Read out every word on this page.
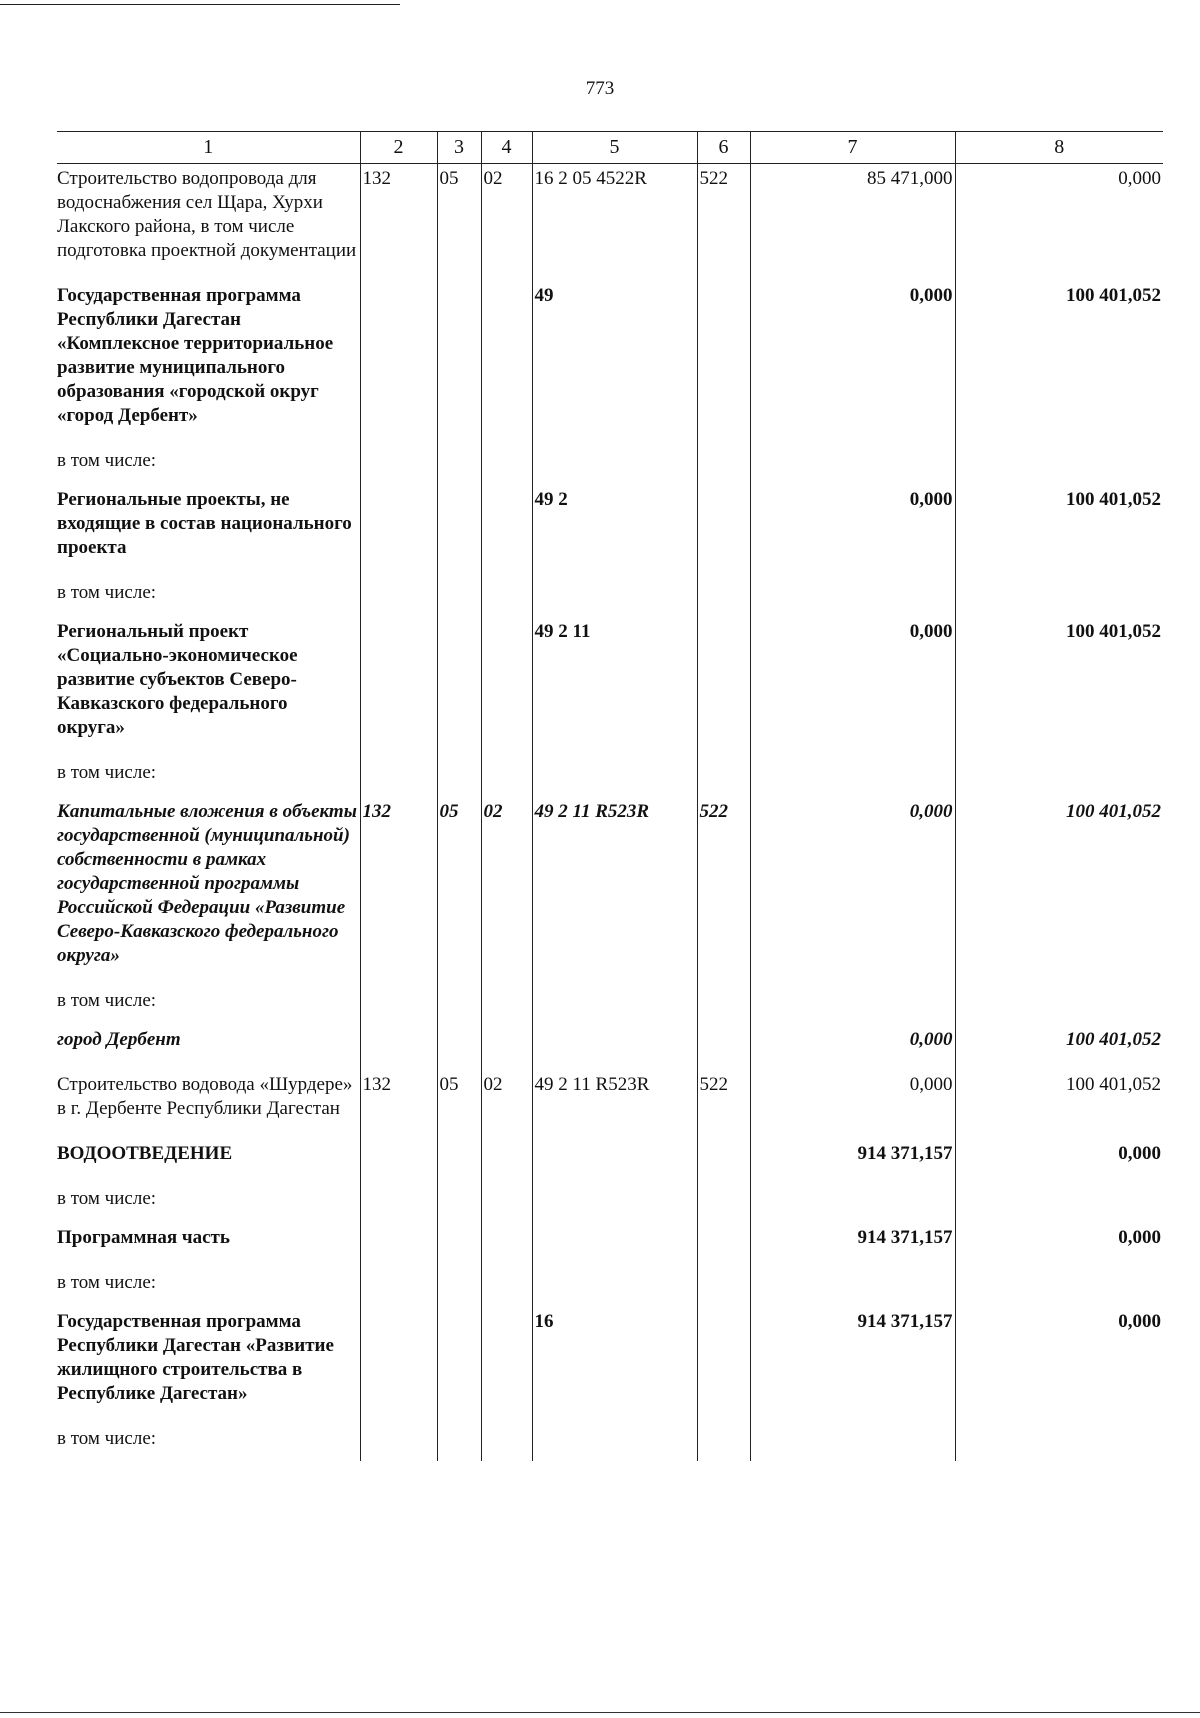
773
1	2	3	4	5	6	7	8
Строительство водопровода для водоснабжения сел Щара, Хурхи Лакского района, в том числе подготовка проектной документации	132	05	02	16 2 05 4522R	522	85 471,000	0,000
Государственная программа Республики Дагестан «Комплексное территориальное развитие муниципального образования «городской округ «город Дербент»				49		0,000	100 401,052
в том числе:							
Региональные проекты, не входящие в состав национального проекта				49 2		0,000	100 401,052
в том числе:							
Региональный проект «Социально-экономическое развитие субъектов Северо-Кавказского федерального округа»				49 2 11		0,000	100 401,052
в том числе:							
Капитальные вложения в объекты государственной (муниципальной) собственности в рамках государственной программы Российской Федерации «Развитие Северо-Кавказского федерального округа»	132	05	02	49 2 11 R523R	522	0,000	100 401,052
в том числе:							
город Дербент						0,000	100 401,052
Строительство водовода «Шурдере» в г. Дербенте Республики Дагестан	132	05	02	49 2 11 R523R	522	0,000	100 401,052
ВОДООТВЕДЕНИЕ						914 371,157	0,000
в том числе:							
Программная часть						914 371,157	0,000
в том числе:							
Государственная программа Республики Дагестан «Развитие жилищного строительства в Республике Дагестан»				16		914 371,157	0,000
в том числе:							
